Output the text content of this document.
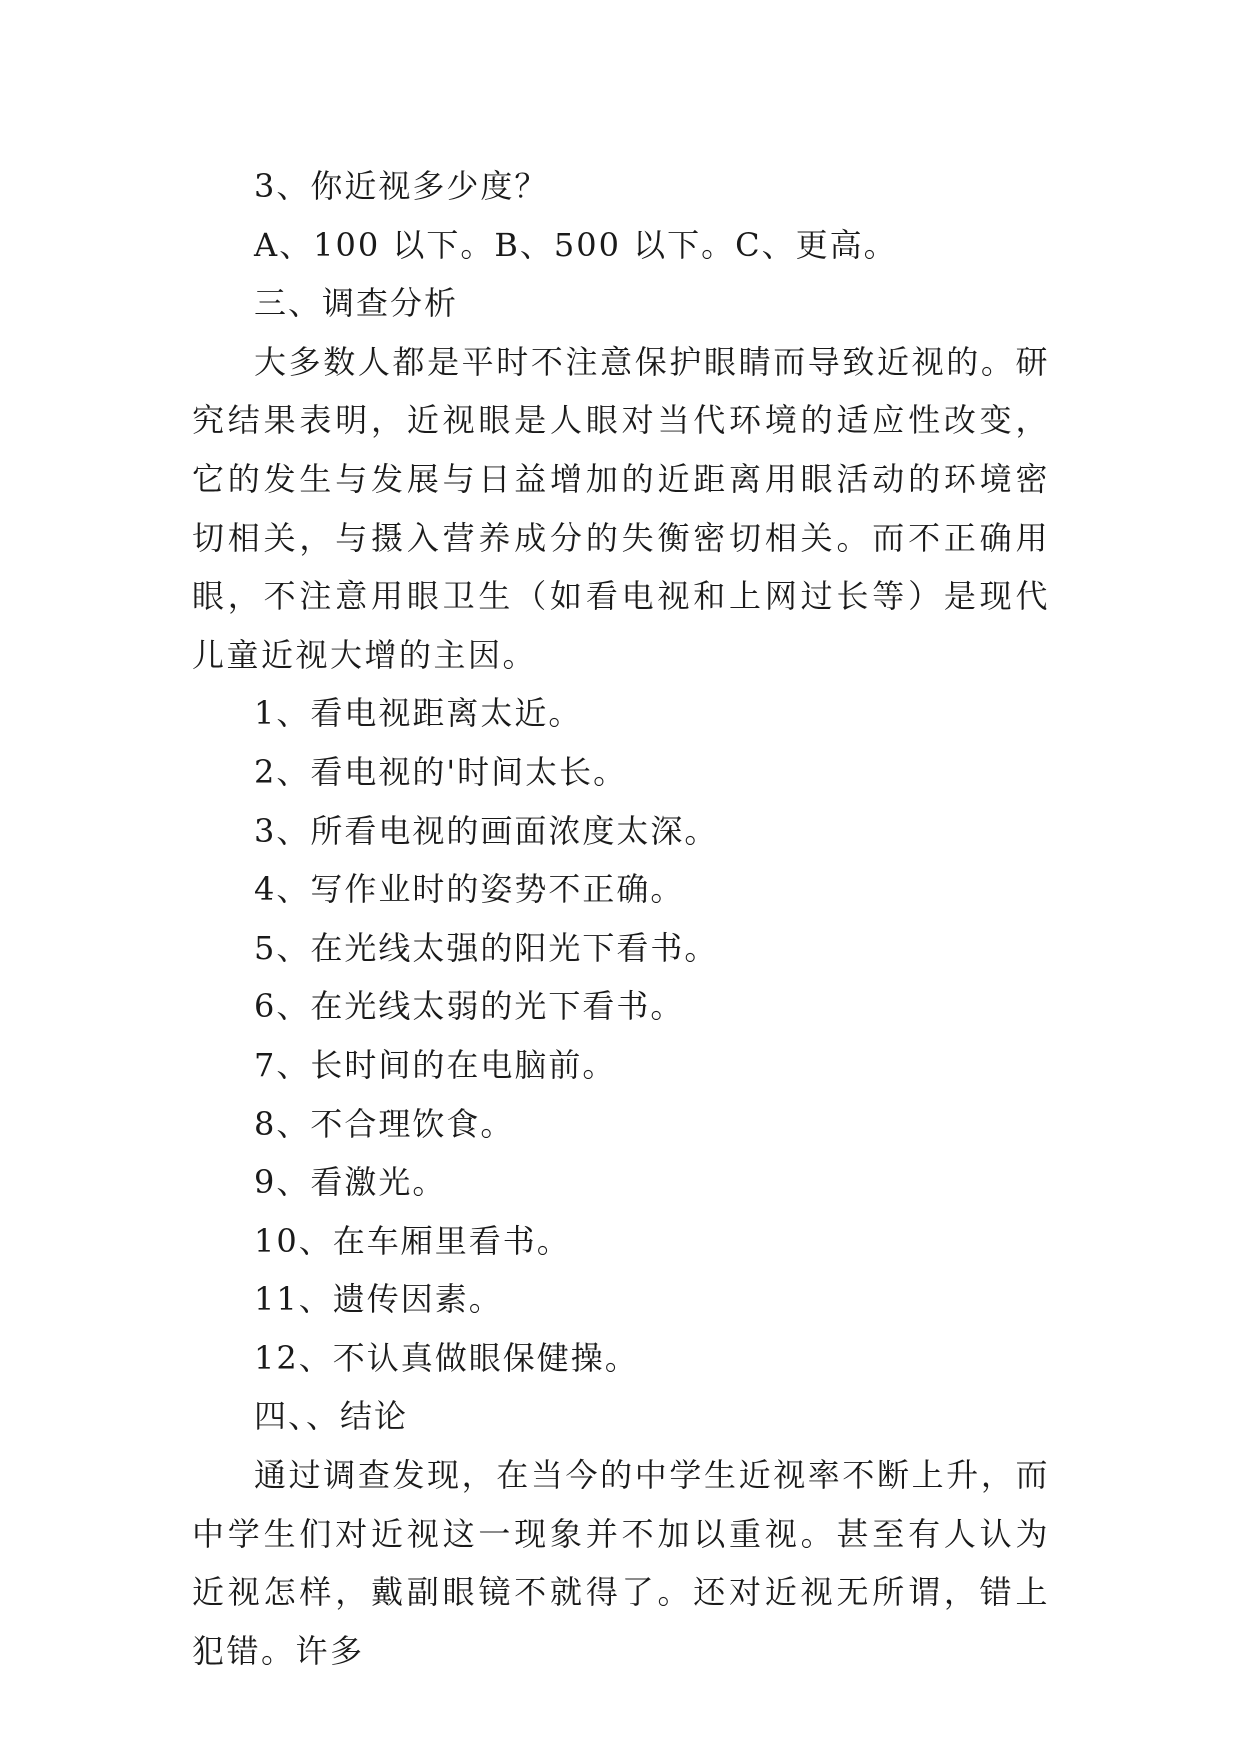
3、你近视多少度？

A、100 以下。B、500 以下。C、更高。

三、调查分析

大多数人都是平时不注意保护眼睛而导致近视的。研究结果表明，近视眼是人眼对当代环境的适应性改变，它的发生与发展与日益增加的近距离用眼活动的环境密切相关，与摄入营养成分的失衡密切相关。而不正确用眼，不注意用眼卫生（如看电视和上网过长等）是现代儿童近视大增的主因。

1、看电视距离太近。

2、看电视的'时间太长。

3、所看电视的画面浓度太深。

4、写作业时的姿势不正确。

5、在光线太强的阳光下看书。

6、在光线太弱的光下看书。

7、长时间的在电脑前。

8、不合理饮食。

9、看激光。

10、在车厢里看书。

11、遗传因素。

12、不认真做眼保健操。

四、、结论

通过调查发现，在当今的中学生近视率不断上升，而中学生们对近视这一现象并不加以重视。甚至有人认为近视怎样，戴副眼镜不就得了。还对近视无所谓，错上犯错。许多
